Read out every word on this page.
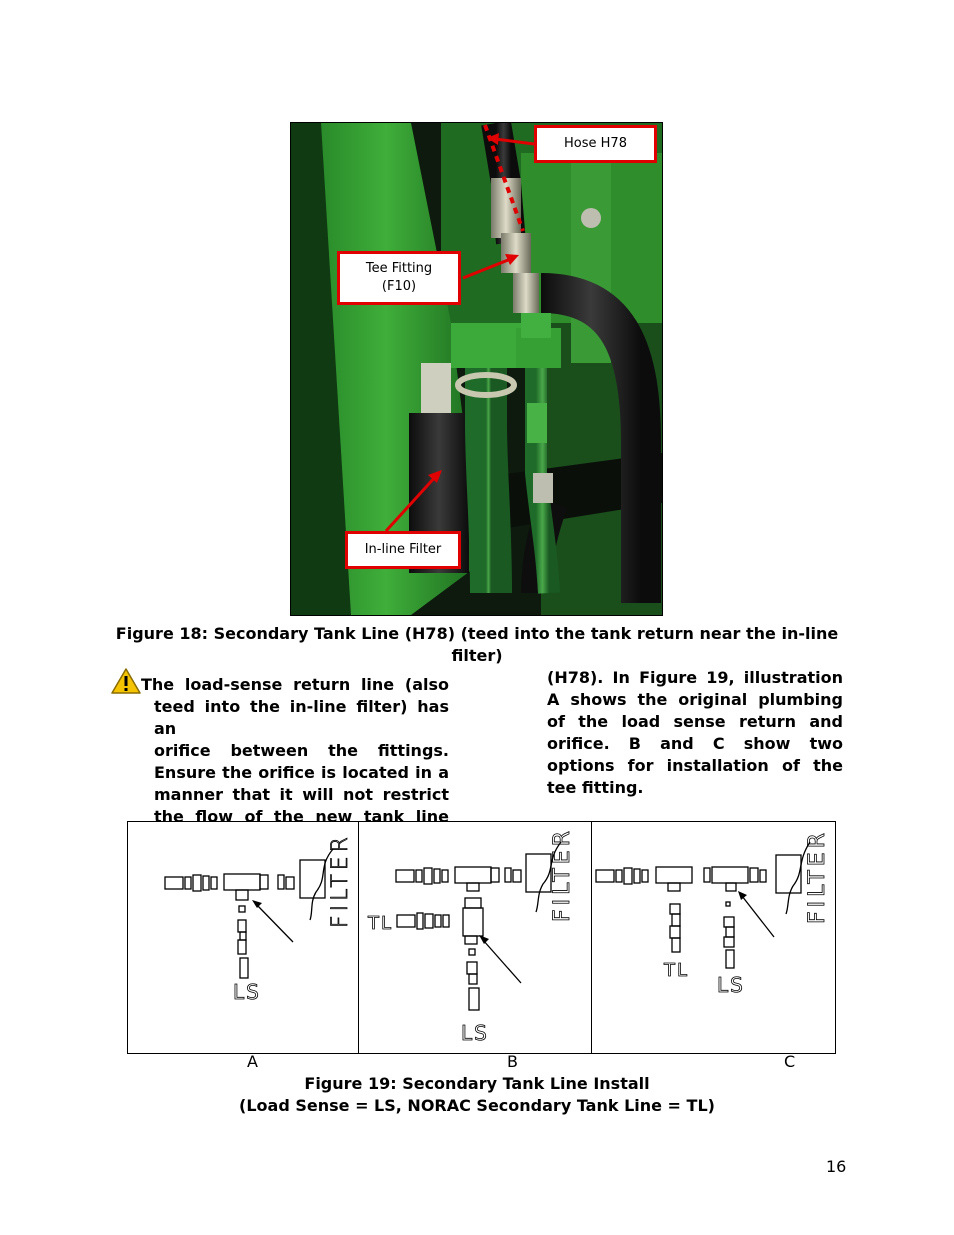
Hose H78
Tee Fitting
(F10)
In-line Filter
Figure 18: Secondary Tank Line (H78) (teed into the tank return near the in-line
filter)

The load-sense return line (also

teed into the in-line filter) has an

orifice between the fittings.

Ensure the orifice is located in a

manner that it will not restrict

the flow of the new tank line

(H78). In Figure 19, illustration A shows the original plumbing of the load sense return and orifice. B and C show two options for installation of the tee fitting.

FILTER
LS
TL
FILTER
LS
TL
FILTER
LS
A	B	C
Figure 19: Secondary Tank Line Install
(Load Sense = LS, NORAC Secondary Tank Line = TL)
16
